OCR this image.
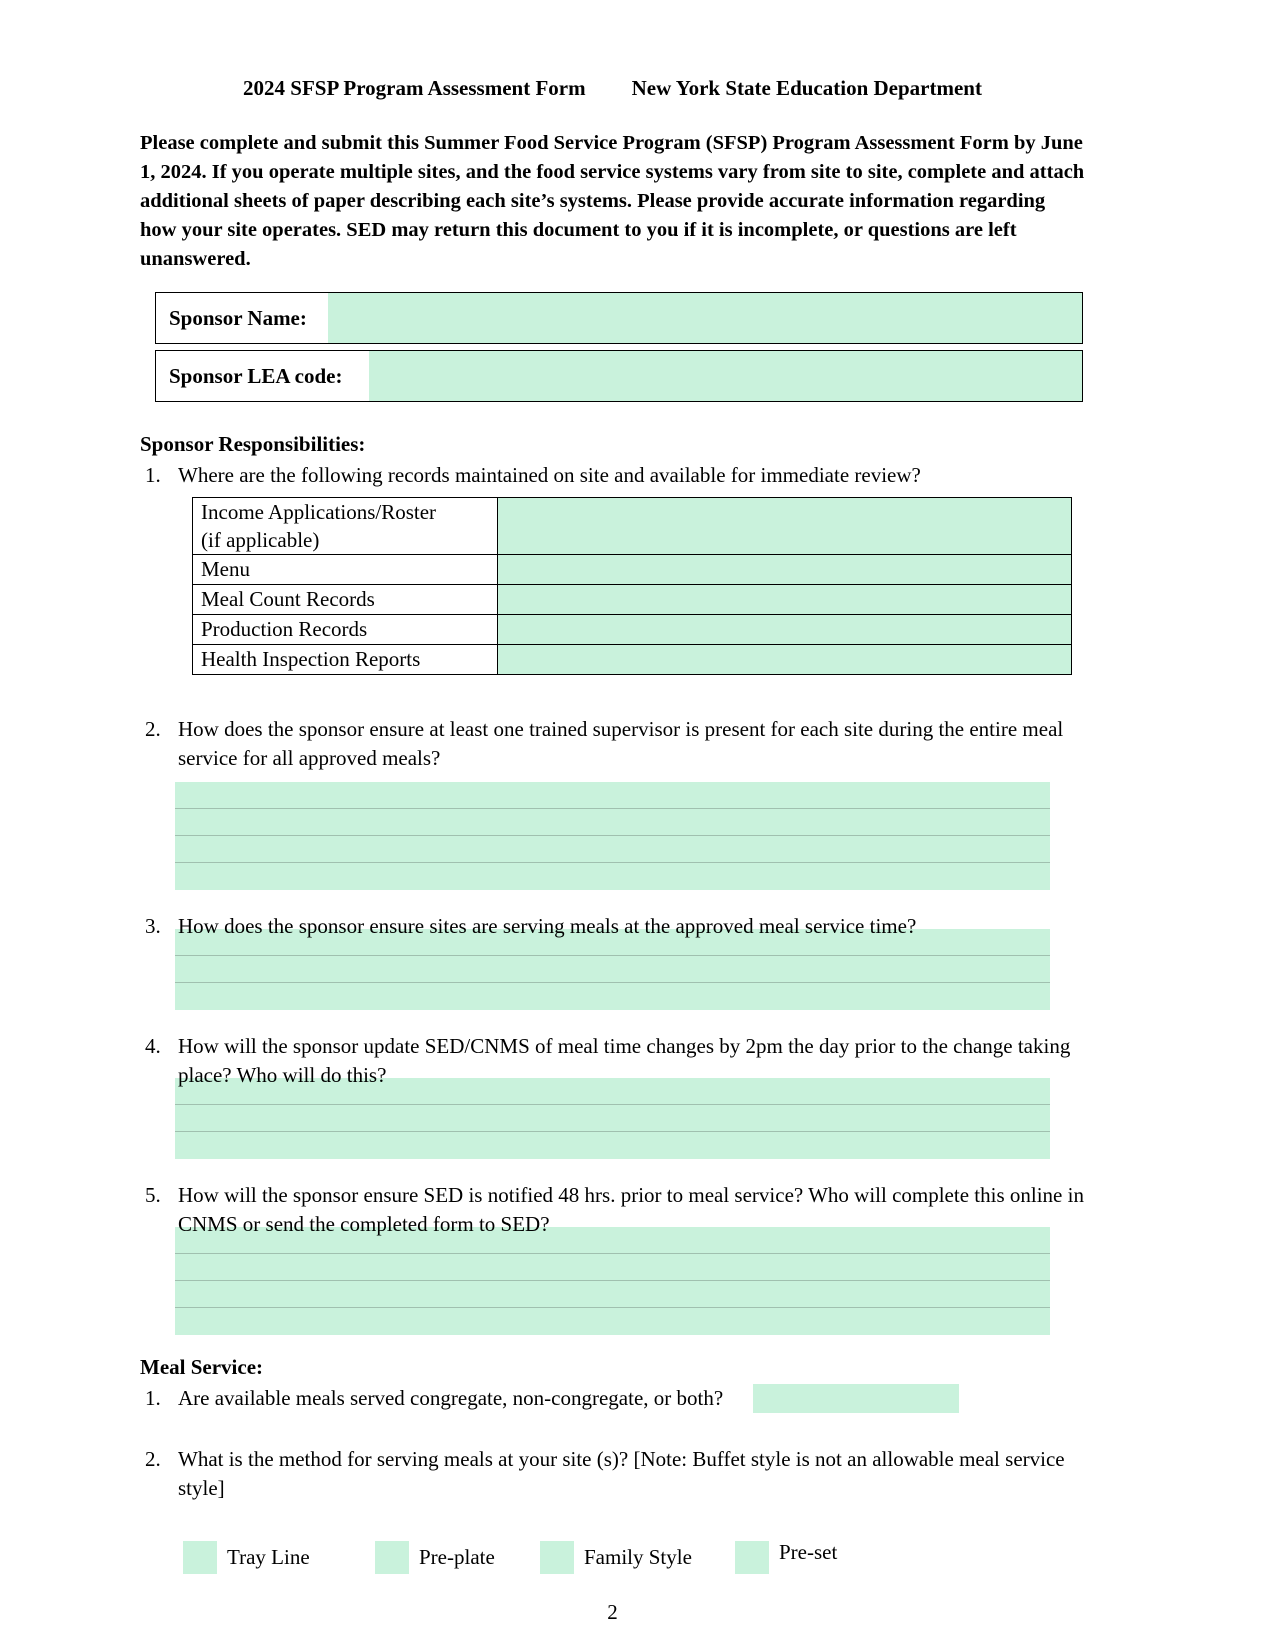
2024 SFSP Program Assessment Form New York State Education Department

Please complete and submit this Summer Food Service Program (SFSP) Program Assessment Form by June 1, 2024. If you operate multiple sites, and the food service systems vary from site to site, complete and attach additional sheets of paper describing each site’s systems. Please provide accurate information regarding how your site operates. SED may return this document to you if it is incomplete, or questions are left unanswered.

Sponsor Name:
Sponsor LEA code:
Sponsor Responsibilities:

1. Where are the following records maintained on site and available for immediate review?

Income Applications/Roster
(if applicable)
Menu
Meal Count Records
Production Records
Health Inspection Reports

2. How does the sponsor ensure at least one trained supervisor is present for each site during the entire meal service for all approved meals?

3. How does the sponsor ensure sites are serving meals at the approved meal service time?

4. How will the sponsor update SED/CNMS of meal time changes by 2pm the day prior to the change taking place? Who will do this?

5. How will the sponsor ensure SED is notified 48 hrs. prior to meal service? Who will complete this online in CNMS or send the completed form to SED?

Meal Service:

1. Are available meals served congregate, non-congregate, or both?

2. What is the method for serving meals at your site (s)? [Note: Buffet style is not an allowable meal service style]

Tray Line	Pre-plate	Family Style	Pre-set
2
